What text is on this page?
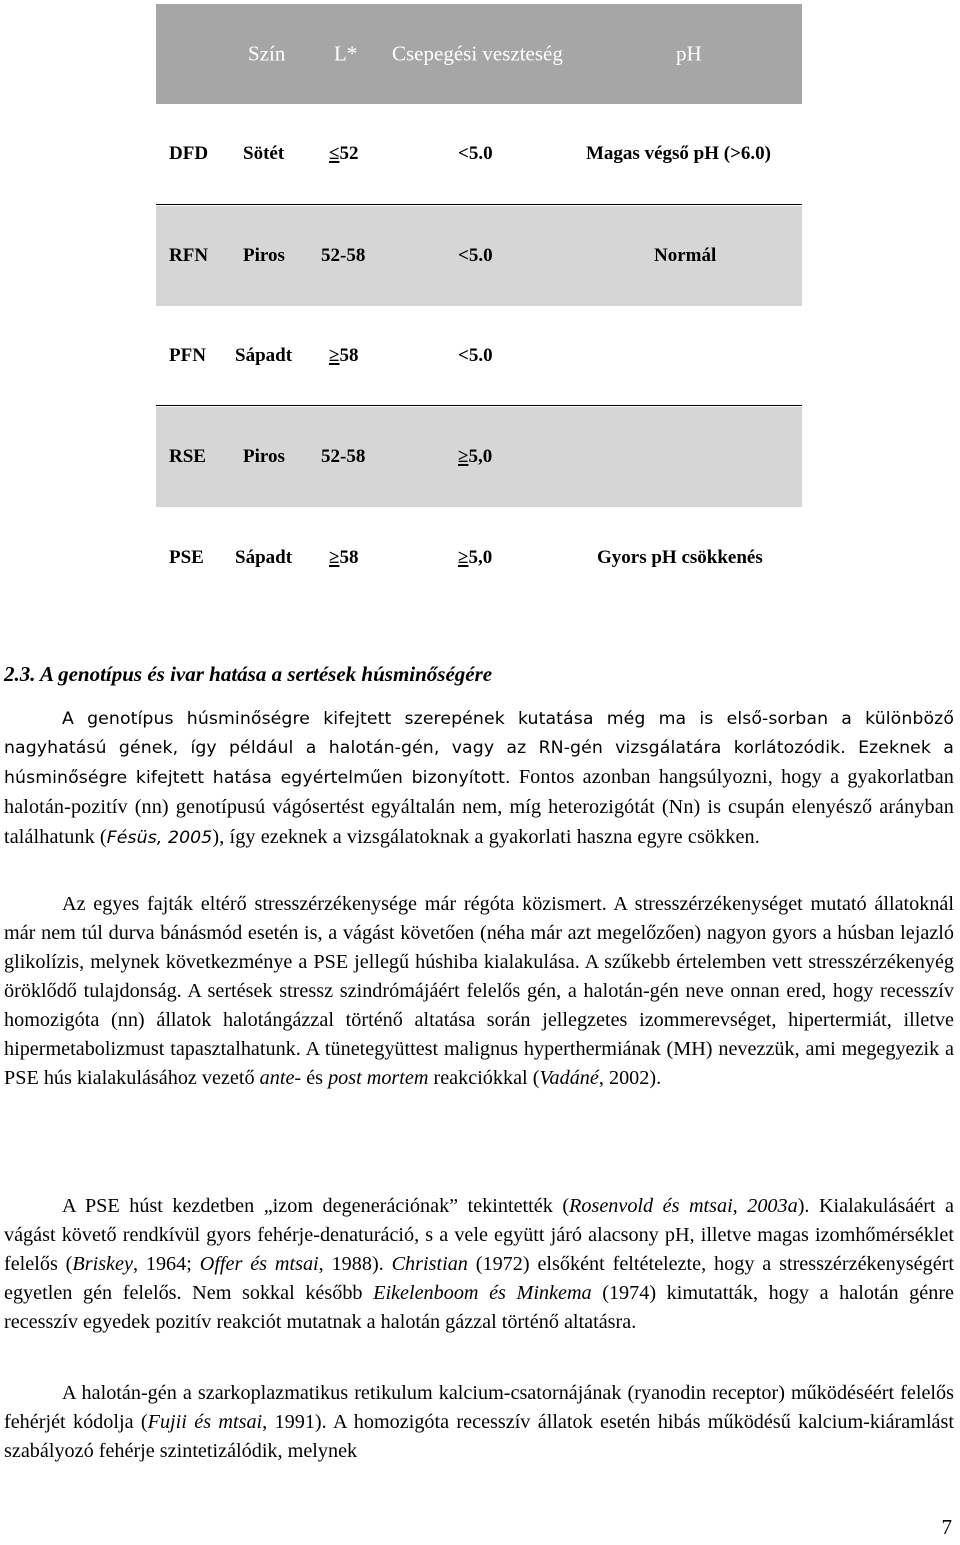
Szín L* Csepegési veszteség	pH
DFD Sötét ≤52	<5.0	Magas végső pH (>6.0)
RFN Piros 52-58	<5.0	Normál
PFN Sápadt ≥58	<5.0
RSE Piros 52-58	≥5,0
PSE Sápadt ≥58	≥5,0	Gyors pH csökkenés
2.3. A genotípus és ivar hatása a sertések húsminőségére

A genotípus húsminőségre kifejtett szerepének kutatása még ma is első-sorban a különböző nagyhatású gének, így például a halotán-gén, vagy az RN-gén vizsgálatára korlátozódik. Ezeknek a húsminőségre kifejtett hatása egyértelműen bizonyított. Fontos azonban hangsúlyozni, hogy a gyakorlatban halotán-pozitív (nn) genotípusú vágósertést egyáltalán nem, míg heterozigótát (Nn) is csupán elenyésző arányban találhatunk (Fésüs, 2005), így ezeknek a vizsgálatoknak a gyakorlati haszna egyre csökken.

Az egyes fajták eltérő stresszérzékenysége már régóta közismert. A stresszérzékenységet mutató állatoknál már nem túl durva bánásmód esetén is, a vágást követően (néha már azt megelőzően) nagyon gyors a húsban lejazló glikolízis, melynek következménye a PSE jellegű húshiba kialakulása. A szűkebb értelemben vett stresszérzékenyég öröklődő tulajdonság. A sertések stressz szindrómájáért felelős gén, a halotán-gén neve onnan ered, hogy recesszív homozigóta (nn) állatok halotángázzal történő altatása során jellegzetes izommerevséget, hipertermiát, illetve hipermetabolizmust tapasztalhatunk. A tünetegyüttest malignus hyperthermiának (MH) nevezzük, ami megegyezik a PSE hús kialakulásához vezető ante- és post mortem reakciókkal (Vadáné, 2002).

A PSE húst kezdetben „izom degenerációnak” tekintették (Rosenvold és mtsai, 2003a). Kialakulásáért a vágást követő rendkívül gyors fehérje-denaturáció, s a vele együtt járó alacsony pH, illetve magas izomhőmérséklet felelős (Briskey, 1964; Offer és mtsai, 1988). Christian (1972) elsőként feltételezte, hogy a stresszérzékenységért egyetlen gén felelős. Nem sokkal később Eikelenboom és Minkema (1974) kimutatták, hogy a halotán génre recesszív egyedek pozitív reakciót mutatnak a halotán gázzal történő altatásra.

A halotán-gén a szarkoplazmatikus retikulum kalcium-csatornájának (ryanodin receptor) működéséért felelős fehérjét kódolja (Fujii és mtsai, 1991). A homozigóta recesszív állatok esetén hibás működésű kalcium-kiáramlást szabályozó fehérje szintetizálódik, melynek

7
